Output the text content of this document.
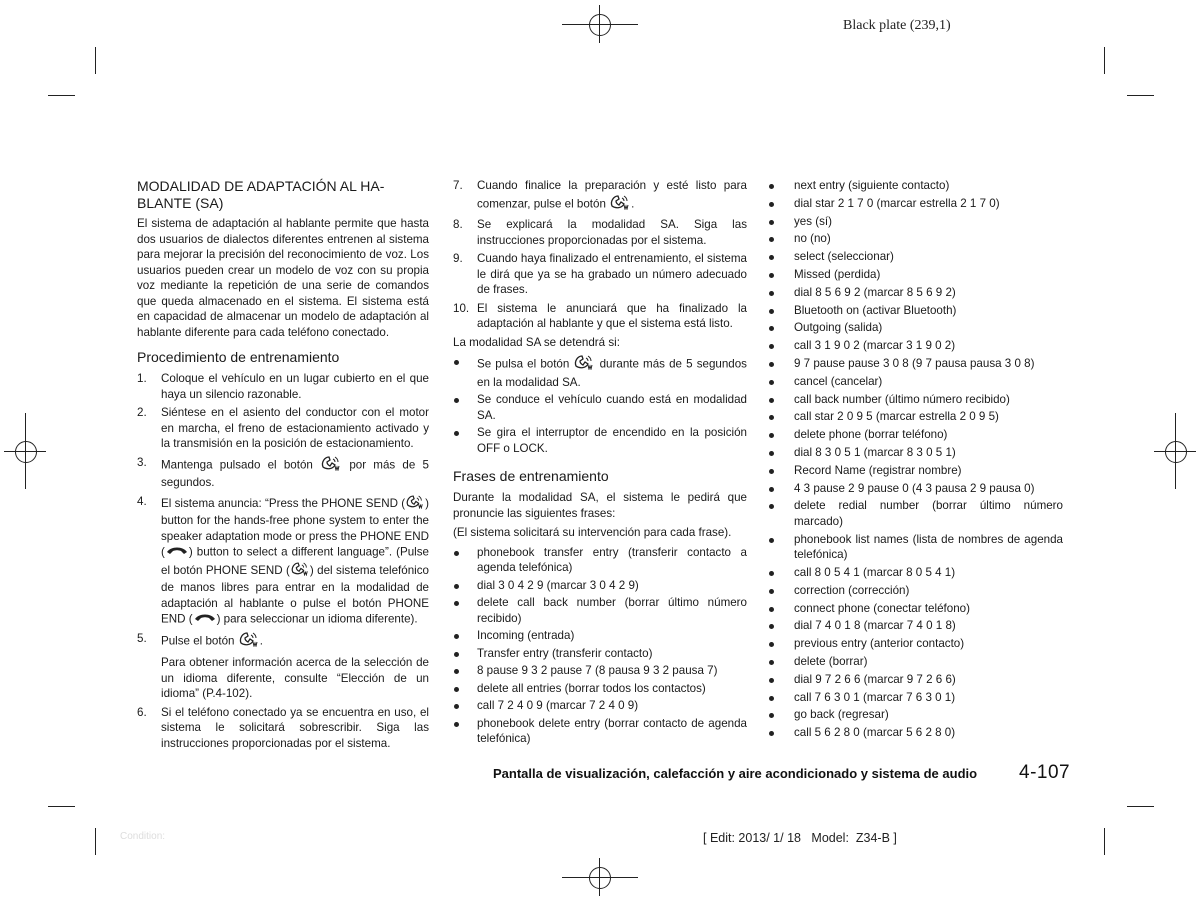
Black plate (239,1)
MODALIDAD DE ADAPTACIÓN AL HA-
BLANTE (SA)

El sistema de adaptación al hablante permite que hasta dos usuarios de dialectos diferentes entrenen al sistema para mejorar la precisión del reconocimiento de voz. Los usuarios pueden crear un modelo de voz con su propia voz mediante la repetición de una serie de comandos que queda almacenado en el sistema. El sistema está en capacidad de almacenar un modelo de adaptación al hablante diferente para cada teléfono conectado.

Procedimiento de entrenamiento
1. Coloque el vehículo en un lugar cubierto en el que haya un silencio razonable.
2. Siéntese en el asiento del conductor con el motor en marcha, el freno de estacionamiento activado y la transmisión en la posición de estacionamiento.
3. Mantenga pulsado el botón	por más de 5 segundos.
4. El sistema anuncia: “Press the PHONE SEND ( ) button for the hands-free phone system to enter the speaker adaptation mode or press the PHONE END ( ) button to select a different language”. (Pulse el botón PHONE SEND ( ) del sistema telefónico de manos libres para entrar en la modalidad de adaptación al hablante o pulse el botón PHONE END ( ) para seleccionar un idioma diferente).
5. Pulse el botón .

Para obtener información acerca de la selección de un idioma diferente, consulte “Elección de un idioma” (P.4-102).

6. Si el teléfono conectado ya se encuentra en uso, el sistema le solicitará sobrescribir. Siga las instrucciones proporcionadas por el sistema.
7. Cuando finalice la preparación y esté listo para comenzar, pulse el botón .
8. Se explicará la modalidad SA. Siga las instrucciones proporcionadas por el sistema.
9. Cuando haya finalizado el entrenamiento, el sistema le dirá que ya se ha grabado un número adecuado de frases.
10. El sistema le anunciará que ha finalizado la adaptación al hablante y que el sistema está listo.

La modalidad SA se detendrá si:

Se pulsa el botón	durante más de 5 segundos en la modalidad SA.
Se conduce el vehículo cuando está en modalidad SA.
Se gira el interruptor de encendido en la posición OFF o LOCK.
Frases de entrenamiento

Durante la modalidad SA, el sistema le pedirá que pronuncie las siguientes frases:

(El sistema solicitará su intervención para cada frase).

phonebook transfer entry (transferir contacto a agenda telefónica)
dial 3 0 4 2 9 (marcar 3 0 4 2 9)
delete call back number (borrar último número recibido)
Incoming (entrada)
Transfer entry (transferir contacto)
8 pause 9 3 2 pause 7 (8 pausa 9 3 2 pausa 7)
delete all entries (borrar todos los contactos)
call 7 2 4 0 9 (marcar 7 2 4 0 9)
phonebook delete entry (borrar contacto de agenda telefónica)
next entry (siguiente contacto)
dial star 2 1 7 0 (marcar estrella 2 1 7 0)
yes (sí)
no (no)
select (seleccionar)
Missed (perdida)
dial 8 5 6 9 2 (marcar 8 5 6 9 2)
Bluetooth on (activar Bluetooth)
Outgoing (salida)
call 3 1 9 0 2 (marcar 3 1 9 0 2)
9 7 pause pause 3 0 8 (9 7 pausa pausa 3 0 8)
cancel (cancelar)
call back number (último número recibido)
call star 2 0 9 5 (marcar estrella 2 0 9 5)
delete phone (borrar teléfono)
dial 8 3 0 5 1 (marcar 8 3 0 5 1)
Record Name (registrar nombre)
4 3 pause 2 9 pause 0 (4 3 pausa 2 9 pausa 0)
delete redial number (borrar último número marcado)
phonebook list names (lista de nombres de agenda telefónica)
call 8 0 5 4 1 (marcar 8 0 5 4 1)
correction (corrección)
connect phone (conectar teléfono)
dial 7 4 0 1 8 (marcar 7 4 0 1 8)
previous entry (anterior contacto)
delete (borrar)
dial 9 7 2 6 6 (marcar 9 7 2 6 6)
call 7 6 3 0 1 (marcar 7 6 3 0 1)
go back (regresar)
call 5 6 2 8 0 (marcar 5 6 2 8 0)
Pantalla de visualización, calefacción y aire acondicionado y sistema de audio 4-107
[ Edit: 2013/ 1/ 18   Model:  Z34-B ]
Condition:
